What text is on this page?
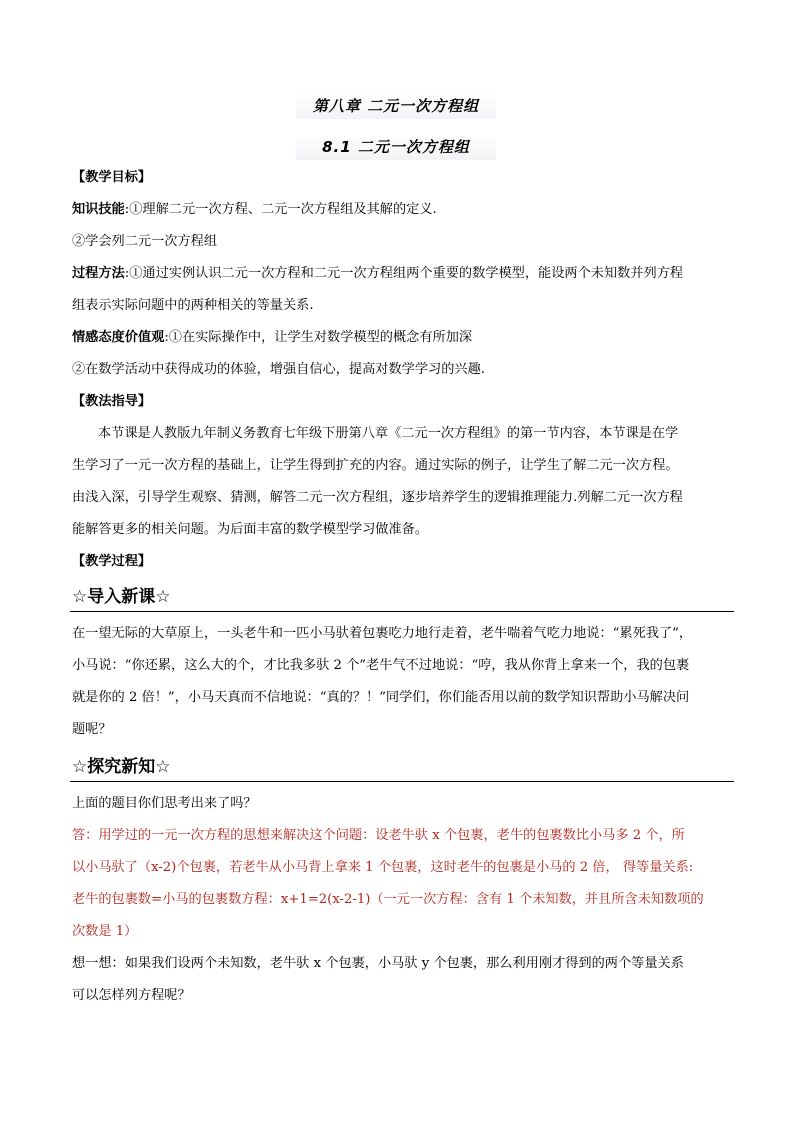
第八章 二元一次方程组
8.1 二元一次方程组
【教学目标】
知识技能:①理解二元一次方程、二元一次方程组及其解的定义.
②学会列二元一次方程组
过程方法:①通过实例认识二元一次方程和二元一次方程组两个重要的数学模型，能设两个未知数并列方程
组表示实际问题中的两种相关的等量关系.
情感态度价值观:①在实际操作中，让学生对数学模型的概念有所加深
②在数学活动中获得成功的体验，增强自信心，提高对数学学习的兴趣.
【教法指导】
本节课是人教版九年制义务教育七年级下册第八章《二元一次方程组》的第一节内容，本节课是在学
生学习了一元一次方程的基础上，让学生得到扩充的内容。通过实际的例子，让学生了解二元一次方程。
由浅入深，引导学生观察、猜测，解答二元一次方程组，逐步培养学生的逻辑推理能力.列解二元一次方程
能解答更多的相关问题。为后面丰富的数学模型学习做准备。
【教学过程】
☆导入新课☆
在一望无际的大草原上，一头老牛和一匹小马驮着包裹吃力地行走着，老牛喘着气吃力地说：“累死我了”，
小马说：“你还累，这么大的个，才比我多驮 2 个”老牛气不过地说：“哼，我从你背上拿来一个，我的包裹
就是你的 2 倍！”，小马天真而不信地说：“真的？！”同学们，你们能否用以前的数学知识帮助小马解决问
题呢？
☆探究新知☆
上面的题目你们思考出来了吗？
答：用学过的一元一次方程的思想来解决这个问题：设老牛驮 x 个包裹，老牛的包裹数比小马多 2 个，所
以小马驮了（x-2)个包裹，若老牛从小马背上拿来 1 个包裹，这时老牛的包裹是小马的 2 倍， 得等量关系:
老牛的包裹数=小马的包裹数方程：x+1=2(x-2-1)（一元一次方程：含有 1 个未知数，并且所含未知数项的
次数是 1）
想一想：如果我们设两个未知数，老牛驮 x 个包裹，小马驮 y 个包裹，那么利用刚才得到的两个等量关系
可以怎样列方程呢？
